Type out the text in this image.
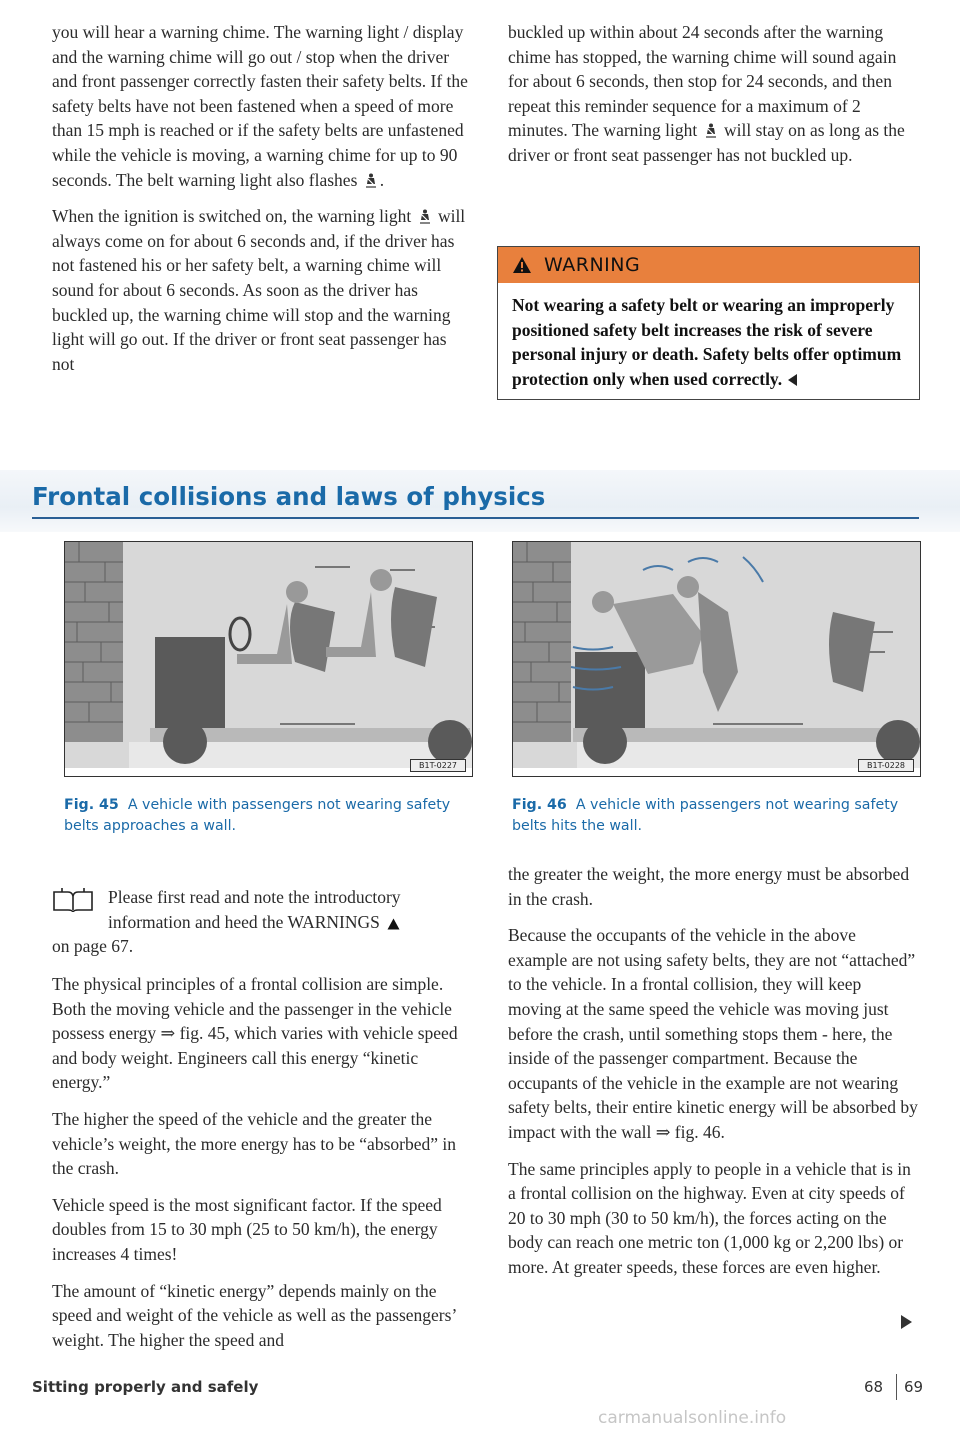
you will hear a warning chime. The warning light / display and the warning chime will go out / stop when the driver and front passenger correctly fasten their safety belts. If the safety belts have not been fastened when a speed of more than 15 mph is reached or if the safety belts are unfastened while the vehicle is moving, a warning chime for up to 90 seconds. The belt warning light also flashes .

When the ignition is switched on, the warning light will always come on for about 6 seconds and, if the driver has not fastened his or her safety belt, a warning chime will sound for about 6 seconds. As soon as the driver has buckled up, the warning chime will stop and the warning light will go out. If the driver or front seat passenger has not

buckled up within about 24 seconds after the warning chime has stopped, the warning chime will sound again for about 6 seconds, then stop for 24 seconds, and then repeat this reminder sequence for a maximum of 2 minutes. The warning light will stay on as long as the driver or front seat passenger has not buckled up.

WARNING
Not wearing a safety belt or wearing an improperly positioned safety belt increases the risk of severe personal injury or death. Safety belts offer optimum protection only when used correctly.
Frontal collisions and laws of physics
B1T-0227
Fig. 45 A vehicle with passengers not wearing safety belts approaches a wall.
B1T-0228
Fig. 46 A vehicle with passengers not wearing safety belts hits the wall.
Please first read and note the introductory information and heed the WARNINGS
on page 67.

The physical principles of a frontal collision are simple. Both the moving vehicle and the passenger in the vehicle possess energy ⇒ fig. 45, which varies with vehicle speed and body weight. Engineers call this energy “kinetic energy.”

The higher the speed of the vehicle and the greater the vehicle’s weight, the more energy has to be “absorbed” in the crash.

Vehicle speed is the most significant factor. If the speed doubles from 15 to 30 mph (25 to 50 km/h), the energy increases 4 times!

The amount of “kinetic energy” depends mainly on the speed and weight of the vehicle as well as the passengers’ weight. The higher the speed and

the greater the weight, the more energy must be absorbed in the crash.

Because the occupants of the vehicle in the above example are not using safety belts, they are not “attached” to the vehicle. In a frontal collision, they will keep moving at the same speed the vehicle was moving just before the crash, until something stops them - here, the inside of the passenger compartment. Because the occupants of the vehicle in the example are not wearing safety belts, their entire kinetic energy will be absorbed by impact with the wall ⇒ fig. 46.

The same principles apply to people in a vehicle that is in a frontal collision on the highway. Even at city speeds of 20 to 30 mph (30 to 50 km/h), the forces acting on the body can reach one metric ton (1,000 kg or 2,200 lbs) or more. At greater speeds, these forces are even higher.

Sitting properly and safely	68 69
carmanualsonline.info
